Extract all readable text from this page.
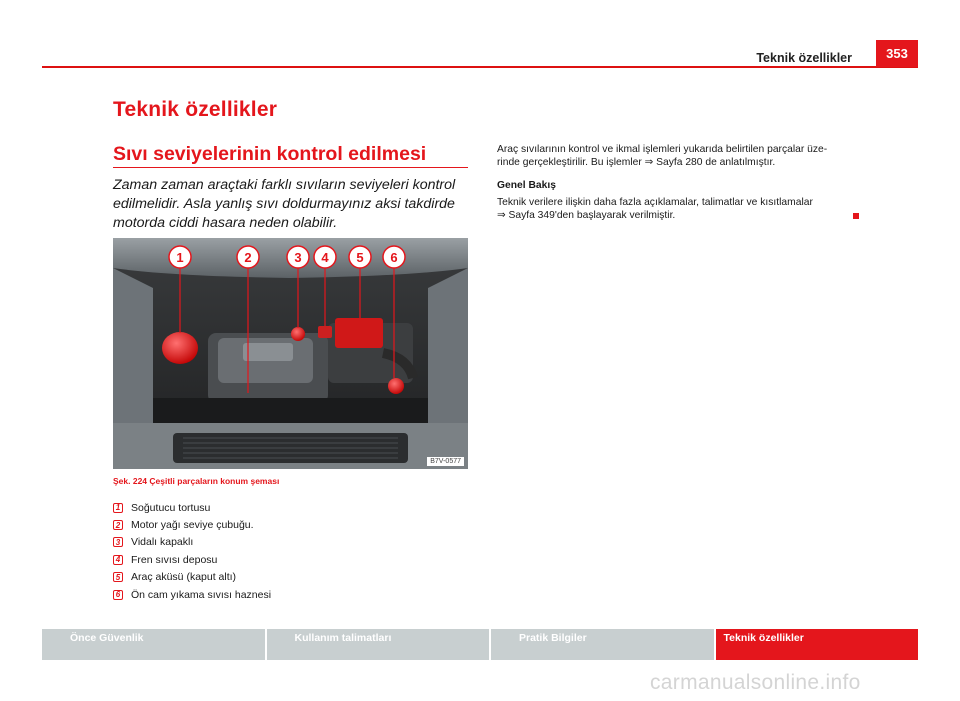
Teknik özellikler	353
Teknik özellikler
Sıvı seviyelerinin kontrol edilmesi
Zaman zaman araçtaki farklı sıvıların seviyeleri kontrol
edilmelidir. Asla yanlış sıvı doldurmayınız aksi takdirde
motorda ciddi hasara neden olabilir.
1	2	3 4 5 6
B7V-0577
Şek. 224 Çeşitli parçaların konum şeması
1 Soğutucu tortusu
2 Motor yağı seviye çubuğu.
3 Vidalı kapaklı
4 Fren sıvısı deposu
5 Araç aküsü (kaput altı)
6 Ön cam yıkama sıvısı haznesi

Araç sıvılarının kontrol ve ikmal işlemleri yukarıda belirtilen parçalar üze-
rinde gerçekleştirilir. Bu işlemler ⇒ Sayfa 280 de anlatılmıştır.

Genel Bakış

Teknik verilere ilişkin daha fazla açıklamalar, talimatlar ve kısıtlamalar
⇒ Sayfa 349'den başlayarak verilmiştir.

Önce Güvenlik	Kullanım talimatları	Pratik Bilgiler	Teknik özellikler
carmanualsonline.info
